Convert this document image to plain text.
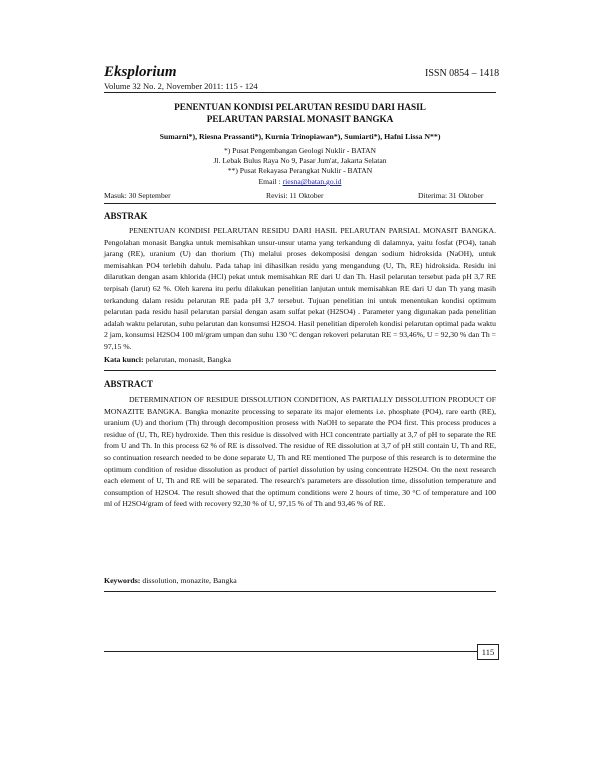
Eksplorium	ISSN 0854 – 1418
Volume 32 No. 2, November 2011: 115 - 124
PENENTUAN KONDISI PELARUTAN RESIDU DARI HASIL
PELARUTAN PARSIAL MONASIT BANGKA
Sumarni*), Riesna Prassanti*), Kurnia Trinopiawan*), Sumiarti*), Hafni Lissa N**)
*) Pusat Pengembangan Geologi Nuklir - BATAN
Jl. Lebak Bulus Raya No 9, Pasar Jum'at, Jakarta Selatan
**) Pusat Rekayasa Perangkat Nuklir - BATAN
Email : riesna@batan.go.id
Masuk: 30 September	Revisi: 11 Oktober	Diterima: 31 Oktober
ABSTRAK
PENENTUAN KONDISI PELARUTAN RESIDU DARI HASIL PELARUTAN PARSIAL MONASIT BANGKA. Pengolahan monasit Bangka untuk memisahkan unsur-unsur utama yang terkandung di dalamnya, yaitu fosfat (PO4), tanah jarang (RE), uranium (U) dan thorium (Th) melalui proses dekomposisi dengan sodium hidroksida (NaOH), untuk memisahkan PO4 terlebih dahulu. Pada tahap ini dihasilkan residu yang mengandung (U, Th, RE) hidroksida. Residu ini dilarutkan dengan asam khlorida (HCl) pekat untuk memisahkan RE dari U dan Th. Hasil pelarutan tersebut pada pH 3,7 RE terpisah (larut) 62 %. Oleh karena itu perlu dilakukan penelitian lanjutan untuk memisahkan RE dari U dan Th yang masih terkandung dalam residu pelarutan RE pada pH 3,7 tersebut. Tujuan penelitian ini untuk menentukan kondisi optimum pelarutan pada residu hasil pelarutan parsial dengan asam sulfat pekat (H2SO4) . Parameter yang digunakan pada penelitian adalah waktu pelarutan, suhu pelarutan dan konsumsi H2SO4. Hasil penelitian diperoleh kondisi pelarutan optimal pada waktu 2 jam, konsumsi H2SO4 100 ml/gram umpan dan suhu 130 °C dengan rekoveri pelarutan RE = 93,46%, U = 92,30 % dan Th = 97,15 %.
Kata kunci: pelarutan, monasit, Bangka
ABSTRACT
DETERMINATION OF RESIDUE DISSOLUTION CONDITION, AS PARTIALLY DISSOLUTION PRODUCT OF MONAZITE BANGKA. Bangka monazite processing to separate its major elements i.e. phosphate (PO4), rare earth (RE), uranium (U) and thorium (Th) through decomposition prosess with NaOH to separate the PO4 first. This process produces a residue of (U, Th, RE) hydroxide. Then this residue is dissolved with HCl concentrate partially at 3,7 of pH to separate the RE from U and Th. In this process 62 % of RE is dissolved. The residue of RE dissolution at 3,7 of pH still contain U, Th and RE, so continuation research needed to be done separate U, Th and RE mentioned The purpose of this research is to determine the optimum condition of residue dissolution as product of partiel dissolution by using concentrate H2SO4. On the next research each element of U, Th and RE will be separated. The research's parameters are dissolution time, dissolution temperature and consumption of H2SO4. The result showed that the optimum conditions were 2 hours of time, 30 °C of temperature and 100 ml of H2SO4/gram of feed with recovery 92,30 % of U, 97,15 % of Th and 93,46 % of RE.
Keywords: dissolution, monazite, Bangka
115
